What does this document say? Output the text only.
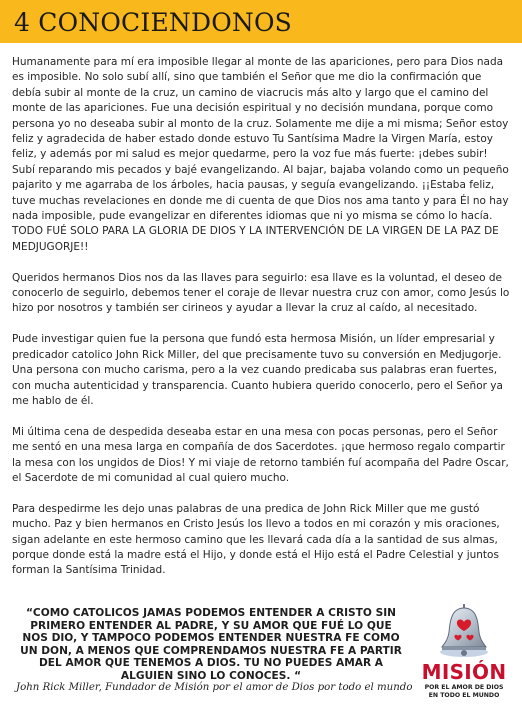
4 CONOCIENDONOS

Humanamente para mí era imposible llegar al monte de las apariciones, pero para Dios nada es imposible. No solo subí allí, sino que también el Señor que me dio la confirmación que debía subir al monte de la cruz, un camino de viacrucis más alto y largo que el camino del monte de las apariciones. Fue una decisión espiritual y no decisión mundana, porque como persona yo no deseaba subir al monto de la cruz. Solamente me dije a mi misma; Señor estoy feliz y agradecida de haber estado donde estuvo Tu Santísima Madre la Virgen María, estoy feliz, y además por mi salud es mejor quedarme, pero la voz fue más fuerte: ¡debes subir! Subí reparando mis pecados y bajé evangelizando. Al bajar, bajaba volando como un pequeño pajarito y me agarraba de los árboles, hacia pausas, y seguía evangelizando. ¡¡Estaba feliz, tuve muchas revelaciones en donde me di cuenta de que Dios nos ama tanto y para Él no hay nada imposible, pude evangelizar en diferentes idiomas que ni yo misma se cómo lo hacía. TODO FUÉ SOLO PARA LA GLORIA DE DIOS Y LA INTERVENCIÓN DE LA VIRGEN DE LA PAZ DE MEDJUGORJE!!

Queridos hermanos Dios nos da las llaves para seguirlo: esa llave es la voluntad, el deseo de conocerlo de seguirlo, debemos tener el coraje de llevar nuestra cruz con amor, como Jesús lo hizo por nosotros y también ser cirineos y ayudar a llevar la cruz al caído, al necesitado.

Pude investigar quien fue la persona que fundó esta hermosa Misión, un líder empresarial y predicador catolico John Rick Miller, del que precisamente tuvo su conversión en Medjugorje. Una persona con mucho carisma, pero a la vez cuando predicaba sus palabras eran fuertes, con mucha autenticidad y transparencia. Cuanto hubiera querido conocerlo, pero el Señor ya me hablo de él.

Mi última cena de despedida deseaba estar en una mesa con pocas personas, pero el Señor me sentó en una mesa larga en compañía de dos Sacerdotes. ¡que hermoso regalo compartir la mesa con los ungidos de Dios! Y mi viaje de retorno también fuí acompaña del Padre Oscar, el Sacerdote de mi comunidad al cual quiero mucho.

Para despedirme les dejo unas palabras de una predica de John Rick Miller que me gustó mucho. Paz y bien hermanos en Cristo Jesús los llevo a todos en mi corazón y mis oraciones, sigan adelante en este hermoso camino que les llevará cada día a la santidad de sus almas, porque donde está la madre está el Hijo, y donde está el Hijo está el Padre Celestial y juntos forman la Santísima Trinidad.

“COMO CATOLICOS JAMAS PODEMOS ENTENDER A CRISTO SIN PRIMERO ENTENDER AL PADRE, Y SU AMOR QUE FUÉ LO QUE NOS DIO, Y TAMPOCO PODEMOS ENTENDER NUESTRA FE COMO UN DON, A MENOS QUE COMPRENDAMOS NUESTRA FE A PARTIR DEL AMOR QUE TENEMOS A DIOS. TU NO PUEDES AMAR A ALGUIEN SINO LO CONOCES. “

John Rick Miller, Fundador de Misión por el amor de Dios por todo el mundo
MISIÓN
POR EL AMOR DE DIOS
EN TODO EL MUNDO
